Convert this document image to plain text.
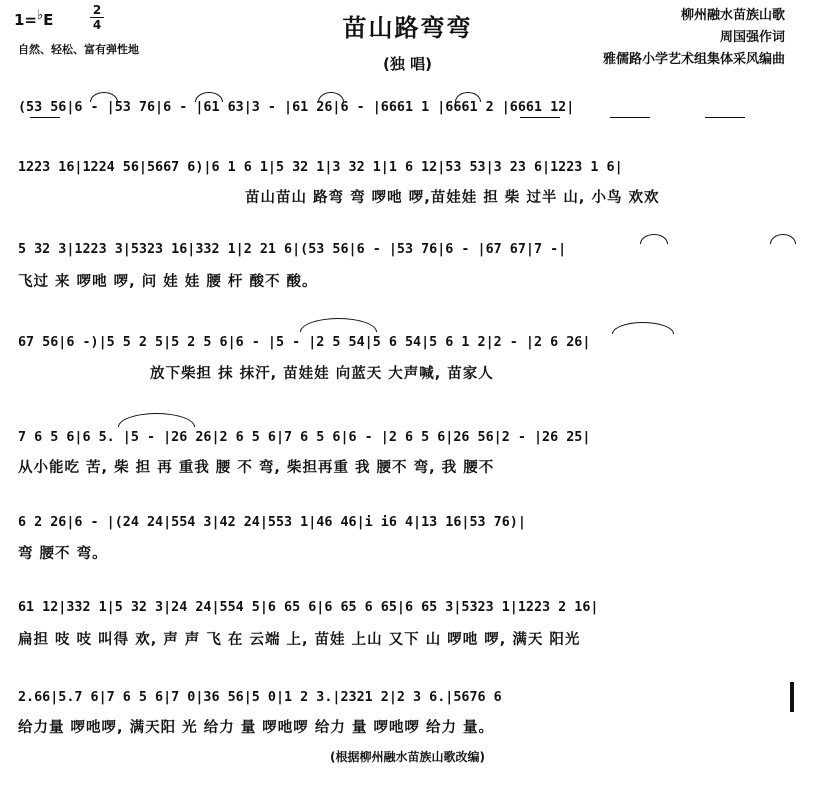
1=♭E
2
4
自然、轻松、富有弹性地
苗山路弯弯
(独 唱)
柳州融水苗族山歌
周国强作词
雅儒路小学艺术组集体采风编曲
(53 56|6 - |53 76|6 - |61 63|3 - |61 26|6 - |6661 1 |6661 2 |6661 12|
1223 16|1224 56|5667 6)|6 1 6 1|5 32 1|3 32 1|1 6 12|53 53|3 23 6|1223 1 6|
苗山苗山 路弯 弯 啰吔 啰,苗娃娃 担 柴 过半 山, 小鸟 欢欢
5 32 3|1223 3|5323 16|332 1|2 21 6|(53 56|6 - |53 76|6 - |67 67|7 -|
飞过 来 啰吔 啰, 问 娃 娃 腰 杆 酸不 酸。
67 56|6 -)|5 5 2 5|5 2 5 6|6 - |5 - |2 5 54|5 6 54|5 6 1 2|2 - |2 6 26|
放下柴担 抹 抹汗, 苗娃娃 向蓝天 大声喊, 苗家人
7 6 5 6|6 5. |5 - |26 26|2 6 5 6|7 6 5 6|6 - |2 6 5 6|26 56|2 - |26 25|
从小能吃 苦, 柴 担 再 重我 腰 不 弯, 柴担再重 我 腰不 弯, 我 腰不
6 2 26|6 - |(24 24|554 3|42 24|553 1|46 46|i i6 4|13 16|53 76)|
弯 腰不 弯。
61 12|332 1|5 32 3|24 24|554 5|6 65 6|6 65 6 65|6 65 3|5323 1|1223 2 16|
扁担 吱 吱 叫得 欢, 声 声 飞 在 云端 上, 苗娃 上山 又下 山 啰吔 啰, 满天 阳光
2.66|5.7 6|7 6 5 6|7 0|36 56|5 0|1 2 3.|2321 2|2 3 6.|5676 6
给力量 啰吔啰, 满天阳 光 给力 量 啰吔啰 给力 量 啰吔啰 给力 量。
(根据柳州融水苗族山歌改编)
